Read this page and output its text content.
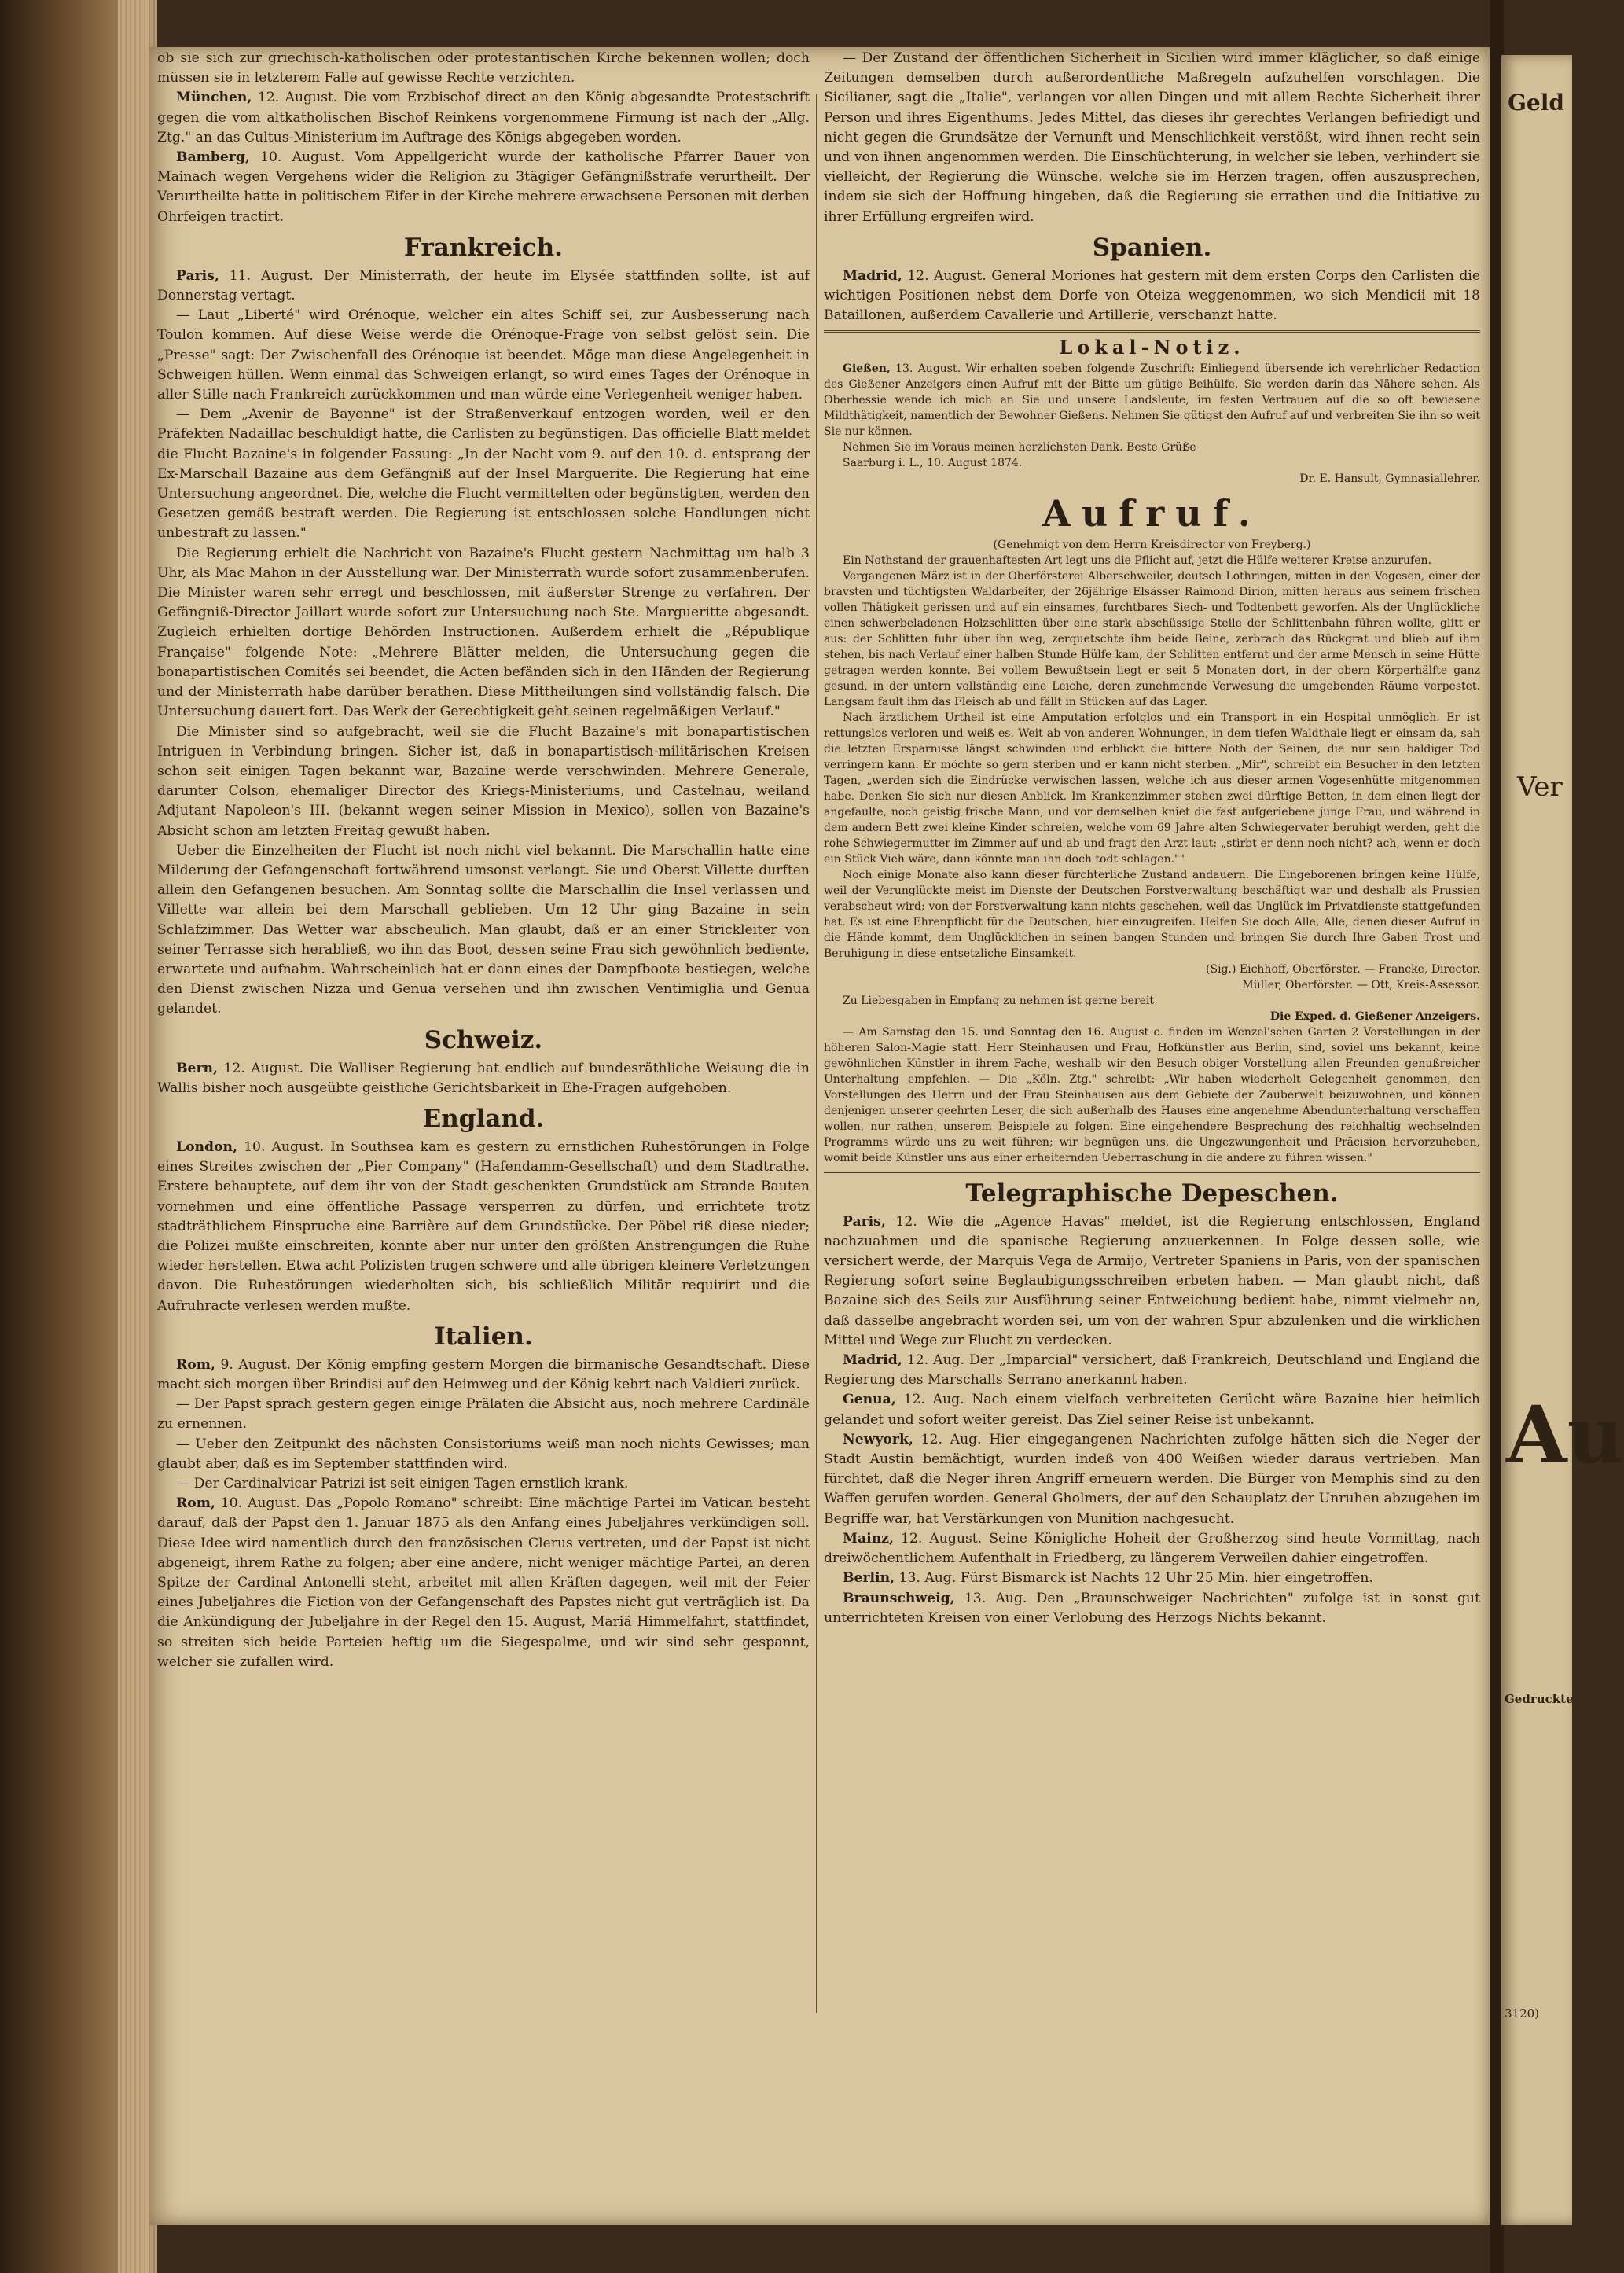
ob sie sich zur griechisch-katholischen oder protestantischen Kirche bekennen wollen; doch müssen sie in letzterem Falle auf gewisse Rechte verzichten.

München, 12. August. Die vom Erzbischof direct an den König abgesandte Protestschrift gegen die vom altkatholischen Bischof Reinkens vorgenommene Firmung ist nach der „Allg. Ztg." an das Cultus-Ministerium im Auftrage des Königs abgegeben worden.

Bamberg, 10. August. Vom Appellgericht wurde der katholische Pfarrer Bauer von Mainach wegen Vergehens wider die Religion zu 3tägiger Gefängnißstrafe verurtheilt. Der Verurtheilte hatte in politischem Eifer in der Kirche mehrere erwachsene Personen mit derben Ohrfeigen tractirt.

Frankreich.

Paris, 11. August. Der Ministerrath, der heute im Elysée stattfinden sollte, ist auf Donnerstag vertagt.

— Laut „Liberté" wird Orénoque, welcher ein altes Schiff sei, zur Ausbesserung nach Toulon kommen. Auf diese Weise werde die Orénoque-Frage von selbst gelöst sein. Die „Presse" sagt: Der Zwischenfall des Orénoque ist beendet. Möge man diese Angelegenheit in Schweigen hüllen. Wenn einmal das Schweigen erlangt, so wird eines Tages der Orénoque in aller Stille nach Frankreich zurückkommen und man würde eine Verlegenheit weniger haben.

— Dem „Avenir de Bayonne" ist der Straßenverkauf entzogen worden, weil er den Präfekten Nadaillac beschuldigt hatte, die Carlisten zu begünstigen. Das officielle Blatt meldet die Flucht Bazaine's in folgender Fassung: „In der Nacht vom 9. auf den 10. d. entsprang der Ex-Marschall Bazaine aus dem Gefängniß auf der Insel Marguerite. Die Regierung hat eine Untersuchung angeordnet. Die, welche die Flucht vermittelten oder begünstigten, werden den Gesetzen gemäß bestraft werden. Die Regierung ist entschlossen solche Handlungen nicht unbestraft zu lassen."

Die Regierung erhielt die Nachricht von Bazaine's Flucht gestern Nachmittag um halb 3 Uhr, als Mac Mahon in der Ausstellung war. Der Ministerrath wurde sofort zusammenberufen. Die Minister waren sehr erregt und beschlossen, mit äußerster Strenge zu verfahren. Der Gefängniß-Director Jaillart wurde sofort zur Untersuchung nach Ste. Margueritte abgesandt. Zugleich erhielten dortige Behörden Instructionen. Außerdem erhielt die „République Française" folgende Note: „Mehrere Blätter melden, die Untersuchung gegen die bonapartistischen Comités sei beendet, die Acten befänden sich in den Händen der Regierung und der Ministerrath habe darüber berathen. Diese Mittheilungen sind vollständig falsch. Die Untersuchung dauert fort. Das Werk der Gerechtigkeit geht seinen regelmäßigen Verlauf."

Die Minister sind so aufgebracht, weil sie die Flucht Bazaine's mit bonapartistischen Intriguen in Verbindung bringen. Sicher ist, daß in bonapartistisch-militärischen Kreisen schon seit einigen Tagen bekannt war, Bazaine werde verschwinden. Mehrere Generale, darunter Colson, ehemaliger Director des Kriegs-Ministeriums, und Castelnau, weiland Adjutant Napoleon's III. (bekannt wegen seiner Mission in Mexico), sollen von Bazaine's Absicht schon am letzten Freitag gewußt haben.

Ueber die Einzelheiten der Flucht ist noch nicht viel bekannt. Die Marschallin hatte eine Milderung der Gefangenschaft fortwährend umsonst verlangt. Sie und Oberst Villette durften allein den Gefangenen besuchen. Am Sonntag sollte die Marschallin die Insel verlassen und Villette war allein bei dem Marschall geblieben. Um 12 Uhr ging Bazaine in sein Schlafzimmer. Das Wetter war abscheulich. Man glaubt, daß er an einer Strickleiter von seiner Terrasse sich herabließ, wo ihn das Boot, dessen seine Frau sich gewöhnlich bediente, erwartete und aufnahm. Wahrscheinlich hat er dann eines der Dampfboote bestiegen, welche den Dienst zwischen Nizza und Genua versehen und ihn zwischen Ventimiglia und Genua gelandet.

Schweiz.

Bern, 12. August. Die Walliser Regierung hat endlich auf bundesräthliche Weisung die in Wallis bisher noch ausgeübte geistliche Gerichtsbarkeit in Ehe-Fragen aufgehoben.

England.

London, 10. August. In Southsea kam es gestern zu ernstlichen Ruhestörungen in Folge eines Streites zwischen der „Pier Company" (Hafendamm-Gesellschaft) und dem Stadtrathe. Erstere behauptete, auf dem ihr von der Stadt geschenkten Grundstück am Strande Bauten vornehmen und eine öffentliche Passage versperren zu dürfen, und errichtete trotz stadträthlichem Einspruche eine Barrière auf dem Grundstücke. Der Pöbel riß diese nieder; die Polizei mußte einschreiten, konnte aber nur unter den größten Anstrengungen die Ruhe wieder herstellen. Etwa acht Polizisten trugen schwere und alle übrigen kleinere Verletzungen davon. Die Ruhestörungen wiederholten sich, bis schließlich Militär requirirt und die Aufruhracte verlesen werden mußte.

Italien.

Rom, 9. August. Der König empfing gestern Morgen die birmanische Gesandtschaft. Diese macht sich morgen über Brindisi auf den Heimweg und der König kehrt nach Valdieri zurück.

— Der Papst sprach gestern gegen einige Prälaten die Absicht aus, noch mehrere Cardinäle zu ernennen.

— Ueber den Zeitpunkt des nächsten Consistoriums weiß man noch nichts Gewisses; man glaubt aber, daß es im September stattfinden wird.

— Der Cardinalvicar Patrizi ist seit einigen Tagen ernstlich krank.

Rom, 10. August. Das „Popolo Romano" schreibt: Eine mächtige Partei im Vatican besteht darauf, daß der Papst den 1. Januar 1875 als den Anfang eines Jubeljahres verkündigen soll. Diese Idee wird namentlich durch den französischen Clerus vertreten, und der Papst ist nicht abgeneigt, ihrem Rathe zu folgen; aber eine andere, nicht weniger mächtige Partei, an deren Spitze der Cardinal Antonelli steht, arbeitet mit allen Kräften dagegen, weil mit der Feier eines Jubeljahres die Fiction von der Gefangenschaft des Papstes nicht gut verträglich ist. Da die Ankündigung der Jubeljahre in der Regel den 15. August, Mariä Himmelfahrt, stattfindet, so streiten sich beide Parteien heftig um die Siegespalme, und wir sind sehr gespannt, welcher sie zufallen wird.

— Der Zustand der öffentlichen Sicherheit in Sicilien wird immer kläglicher, so daß einige Zeitungen demselben durch außerordentliche Maßregeln aufzuhelfen vorschlagen. Die Sicilianer, sagt die „Italie", verlangen vor allen Dingen und mit allem Rechte Sicherheit ihrer Person und ihres Eigenthums. Jedes Mittel, das dieses ihr gerechtes Verlangen befriedigt und nicht gegen die Grundsätze der Vernunft und Menschlichkeit verstößt, wird ihnen recht sein und von ihnen angenommen werden. Die Einschüchterung, in welcher sie leben, verhindert sie vielleicht, der Regierung die Wünsche, welche sie im Herzen tragen, offen auszusprechen, indem sie sich der Hoffnung hingeben, daß die Regierung sie errathen und die Initiative zu ihrer Erfüllung ergreifen wird.

Spanien.

Madrid, 12. August. General Moriones hat gestern mit dem ersten Corps den Carlisten die wichtigen Positionen nebst dem Dorfe von Oteiza weggenommen, wo sich Mendicii mit 18 Bataillonen, außerdem Cavallerie und Artillerie, verschanzt hatte.

Lokal-Notiz.

Gießen, 13. August. Wir erhalten soeben folgende Zuschrift: Einliegend übersende ich verehrlicher Redaction des Gießener Anzeigers einen Aufruf mit der Bitte um gütige Beihülfe. Sie werden darin das Nähere sehen. Als Oberhessie wende ich mich an Sie und unsere Landsleute, im festen Vertrauen auf die so oft bewiesene Mildthätigkeit, namentlich der Bewohner Gießens. Nehmen Sie gütigst den Aufruf auf und verbreiten Sie ihn so weit Sie nur können.

Nehmen Sie im Voraus meinen herzlichsten Dank. Beste Grüße

Saarburg i. L., 10. August 1874.

Dr. E. Hansult, Gymnasiallehrer.

Aufruf.

(Genehmigt von dem Herrn Kreisdirector von Freyberg.)

Ein Nothstand der grauenhaftesten Art legt uns die Pflicht auf, jetzt die Hülfe weiterer Kreise anzurufen.

Vergangenen März ist in der Oberförsterei Alberschweiler, deutsch Lothringen, mitten in den Vogesen, einer der bravsten und tüchtigsten Waldarbeiter, der 26jährige Elsässer Raimond Dirion, mitten heraus aus seinem frischen vollen Thätigkeit gerissen und auf ein einsames, furchtbares Siech- und Todtenbett geworfen. Als der Unglückliche einen schwerbeladenen Holzschlitten über eine stark abschüssige Stelle der Schlittenbahn führen wollte, glitt er aus: der Schlitten fuhr über ihn weg, zerquetschte ihm beide Beine, zerbrach das Rückgrat und blieb auf ihm stehen, bis nach Verlauf einer halben Stunde Hülfe kam, der Schlitten entfernt und der arme Mensch in seine Hütte getragen werden konnte. Bei vollem Bewußtsein liegt er seit 5 Monaten dort, in der obern Körperhälfte ganz gesund, in der untern vollständig eine Leiche, deren zunehmende Verwesung die umgebenden Räume verpestet. Langsam fault ihm das Fleisch ab und fällt in Stücken auf das Lager.

Nach ärztlichem Urtheil ist eine Amputation erfolglos und ein Transport in ein Hospital unmöglich. Er ist rettungslos verloren und weiß es. Weit ab von anderen Wohnungen, in dem tiefen Waldthale liegt er einsam da, sah die letzten Ersparnisse längst schwinden und erblickt die bittere Noth der Seinen, die nur sein baldiger Tod verringern kann. Er möchte so gern sterben und er kann nicht sterben. „Mir", schreibt ein Besucher in den letzten Tagen, „werden sich die Eindrücke verwischen lassen, welche ich aus dieser armen Vogesenhütte mitgenommen habe. Denken Sie sich nur diesen Anblick. Im Krankenzimmer stehen zwei dürftige Betten, in dem einen liegt der angefaulte, noch geistig frische Mann, und vor demselben kniet die fast aufgeriebene junge Frau, und während in dem andern Bett zwei kleine Kinder schreien, welche vom 69 Jahre alten Schwiegervater beruhigt werden, geht die rohe Schwiegermutter im Zimmer auf und ab und fragt den Arzt laut: „stirbt er denn noch nicht? ach, wenn er doch ein Stück Vieh wäre, dann könnte man ihn doch todt schlagen.""

Noch einige Monate also kann dieser fürchterliche Zustand andauern. Die Eingeborenen bringen keine Hülfe, weil der Verunglückte meist im Dienste der Deutschen Forstverwaltung beschäftigt war und deshalb als Prussien verabscheut wird; von der Forstverwaltung kann nichts geschehen, weil das Unglück im Privatdienste stattgefunden hat. Es ist eine Ehrenpflicht für die Deutschen, hier einzugreifen. Helfen Sie doch Alle, Alle, denen dieser Aufruf in die Hände kommt, dem Unglücklichen in seinen bangen Stunden und bringen Sie durch Ihre Gaben Trost und Beruhigung in diese entsetzliche Einsamkeit.

(Sig.) Eichhoff, Oberförster. — Francke, Director.

Müller, Oberförster. — Ott, Kreis-Assessor.

Zu Liebesgaben in Empfang zu nehmen ist gerne bereit

Die Exped. d. Gießener Anzeigers.

— Am Samstag den 15. und Sonntag den 16. August c. finden im Wenzel'schen Garten 2 Vorstellungen in der höheren Salon-Magie statt. Herr Steinhausen und Frau, Hofkünstler aus Berlin, sind, soviel uns bekannt, keine gewöhnlichen Künstler in ihrem Fache, weshalb wir den Besuch obiger Vorstellung allen Freunden genußreicher Unterhaltung empfehlen. — Die „Köln. Ztg." schreibt: „Wir haben wiederholt Gelegenheit genommen, den Vorstellungen des Herrn und der Frau Steinhausen aus dem Gebiete der Zauberwelt beizuwohnen, und können denjenigen unserer geehrten Leser, die sich außerhalb des Hauses eine angenehme Abendunterhaltung verschaffen wollen, nur rathen, unserem Beispiele zu folgen. Eine eingehendere Besprechung des reichhaltig wechselnden Programms würde uns zu weit führen; wir begnügen uns, die Ungezwungenheit und Präcision hervorzuheben, womit beide Künstler uns aus einer erheiternden Ueberraschung in die andere zu führen wissen."

Telegraphische Depeschen.

Paris, 12. Wie die „Agence Havas" meldet, ist die Regierung entschlossen, England nachzuahmen und die spanische Regierung anzuerkennen. In Folge dessen solle, wie versichert werde, der Marquis Vega de Armijo, Vertreter Spaniens in Paris, von der spanischen Regierung sofort seine Beglaubigungsschreiben erbeten haben. — Man glaubt nicht, daß Bazaine sich des Seils zur Ausführung seiner Entweichung bedient habe, nimmt vielmehr an, daß dasselbe angebracht worden sei, um von der wahren Spur abzulenken und die wirklichen Mittel und Wege zur Flucht zu verdecken.

Madrid, 12. Aug. Der „Imparcial" versichert, daß Frankreich, Deutschland und England die Regierung des Marschalls Serrano anerkannt haben.

Genua, 12. Aug. Nach einem vielfach verbreiteten Gerücht wäre Bazaine hier heimlich gelandet und sofort weiter gereist. Das Ziel seiner Reise ist unbekannt.

Newyork, 12. Aug. Hier eingegangenen Nachrichten zufolge hätten sich die Neger der Stadt Austin bemächtigt, wurden indeß von 400 Weißen wieder daraus vertrieben. Man fürchtet, daß die Neger ihren Angriff erneuern werden. Die Bürger von Memphis sind zu den Waffen gerufen worden. General Gholmers, der auf den Schauplatz der Unruhen abzugehen im Begriffe war, hat Verstärkungen von Munition nachgesucht.

Mainz, 12. August. Seine Königliche Hoheit der Großherzog sind heute Vormittag, nach dreiwöchentlichem Aufenthalt in Friedberg, zu längerem Verweilen dahier eingetroffen.

Berlin, 13. Aug. Fürst Bismarck ist Nachts 12 Uhr 25 Min. hier eingetroffen.

Braunschweig, 13. Aug. Den „Braunschweiger Nachrichten" zufolge ist in sonst gut unterrichteten Kreisen von einer Verlobung des Herzogs Nichts bekannt.

Geld
Ver
Au
Gedruckte
3120)
